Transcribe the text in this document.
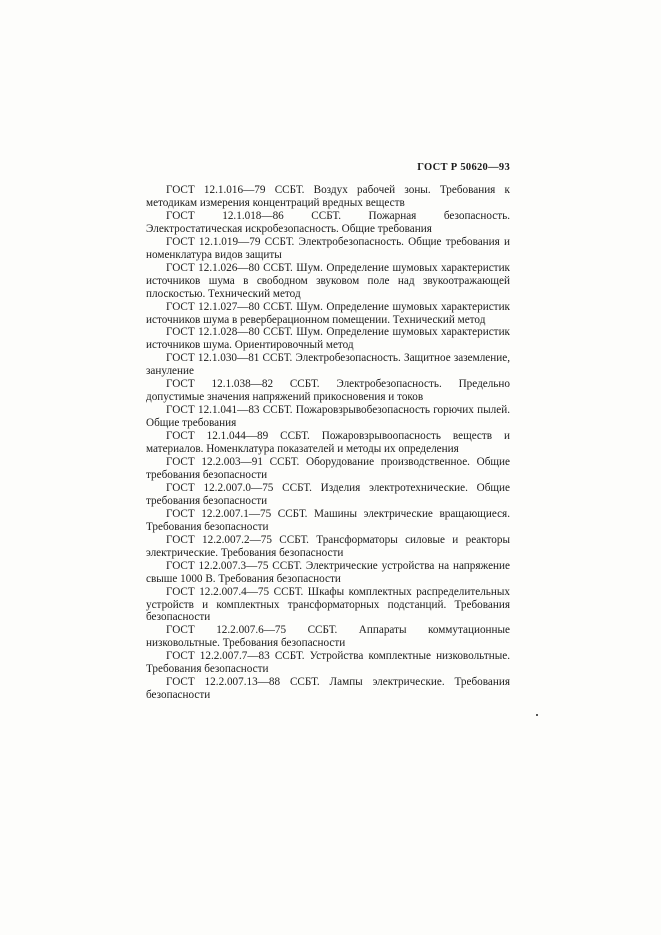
ГОСТ Р 50620—93

ГОСТ 12.1.016—79 ССБТ. Воздух рабочей зоны. Требования к методикам измерения концентраций вредных веществ

ГОСТ 12.1.018—86 ССБТ. Пожарная безопасность. Электростатическая искробезопасность. Общие требования

ГОСТ 12.1.019—79 ССБТ. Электробезопасность. Общие требования и номенклатура видов защиты

ГОСТ 12.1.026—80 ССБТ. Шум. Определение шумовых характеристик источников шума в свободном звуковом поле над звукоотражающей плоскостью. Технический метод

ГОСТ 12.1.027—80 ССБТ. Шум. Определение шумовых характеристик источников шума в реверберационном помещении. Технический метод

ГОСТ 12.1.028—80 ССБТ. Шум. Определение шумовых характеристик источников шума. Ориентировочный метод

ГОСТ 12.1.030—81 ССБТ. Электробезопасность. Защитное заземление, зануление

ГОСТ 12.1.038—82 ССБТ. Электробезопасность. Предельно допустимые значения напряжений прикосновения и токов

ГОСТ 12.1.041—83 ССБТ. Пожаровзрывобезопасность горючих пылей. Общие требования

ГОСТ 12.1.044—89 ССБТ. Пожаровзрывоопасность веществ и материалов. Номенклатура показателей и методы их определения

ГОСТ 12.2.003—91 ССБТ. Оборудование производственное. Общие требования безопасности

ГОСТ 12.2.007.0—75 ССБТ. Изделия электротехнические. Общие требования безопасности

ГОСТ 12.2.007.1—75 ССБТ. Машины электрические вращающиеся. Требования безопасности

ГОСТ 12.2.007.2—75 ССБТ. Трансформаторы силовые и реакторы электрические. Требования безопасности

ГОСТ 12.2.007.3—75 ССБТ. Электрические устройства на напряжение свыше 1000 В. Требования безопасности

ГОСТ 12.2.007.4—75 ССБТ. Шкафы комплектных распределительных устройств и комплектных трансформаторных подстанций. Требования безопасности

ГОСТ 12.2.007.6—75 ССБТ. Аппараты коммутационные низковольтные. Требования безопасности

ГОСТ 12.2.007.7—83 ССБТ. Устройства комплектные низковольтные. Требования безопасности

ГОСТ 12.2.007.13—88 ССБТ. Лампы электрические. Требования безопасности
